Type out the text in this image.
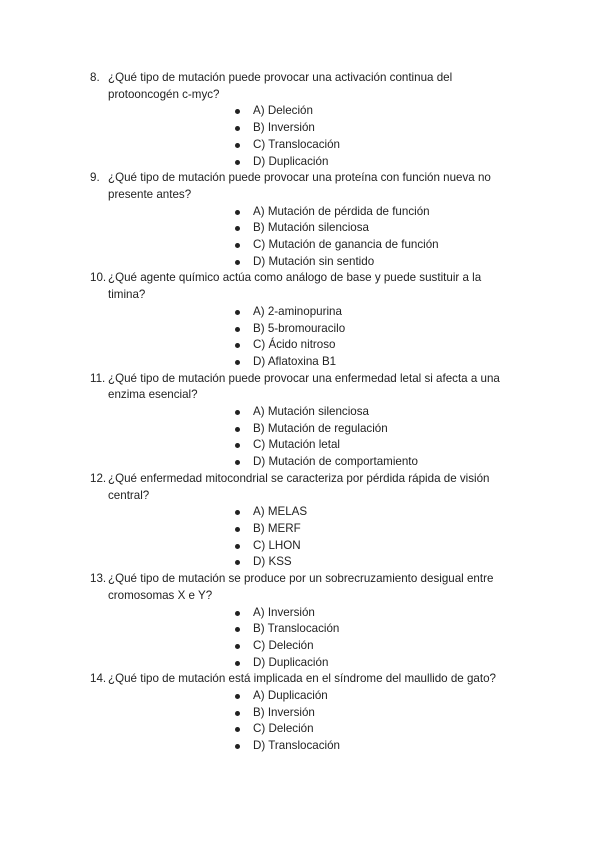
8. ¿Qué tipo de mutación puede provocar una activación continua del protooncogén c-myc?
A) Deleción
B) Inversión
C) Translocación
D) Duplicación
9. ¿Qué tipo de mutación puede provocar una proteína con función nueva no presente antes?
A) Mutación de pérdida de función
B) Mutación silenciosa
C) Mutación de ganancia de función
D) Mutación sin sentido
10. ¿Qué agente químico actúa como análogo de base y puede sustituir a la timina?
A) 2-aminopurina
B) 5-bromouracilo
C) Ácido nitroso
D) Aflatoxina B1
11. ¿Qué tipo de mutación puede provocar una enfermedad letal si afecta a una enzima esencial?
A) Mutación silenciosa
B) Mutación de regulación
C) Mutación letal
D) Mutación de comportamiento
12. ¿Qué enfermedad mitocondrial se caracteriza por pérdida rápida de visión central?
A) MELAS
B) MERF
C) LHON
D) KSS
13. ¿Qué tipo de mutación se produce por un sobrecruzamiento desigual entre cromosomas X e Y?
A) Inversión
B) Translocación
C) Deleción
D) Duplicación
14. ¿Qué tipo de mutación está implicada en el síndrome del maullido de gato?
A) Duplicación
B) Inversión
C) Deleción
D) Translocación
